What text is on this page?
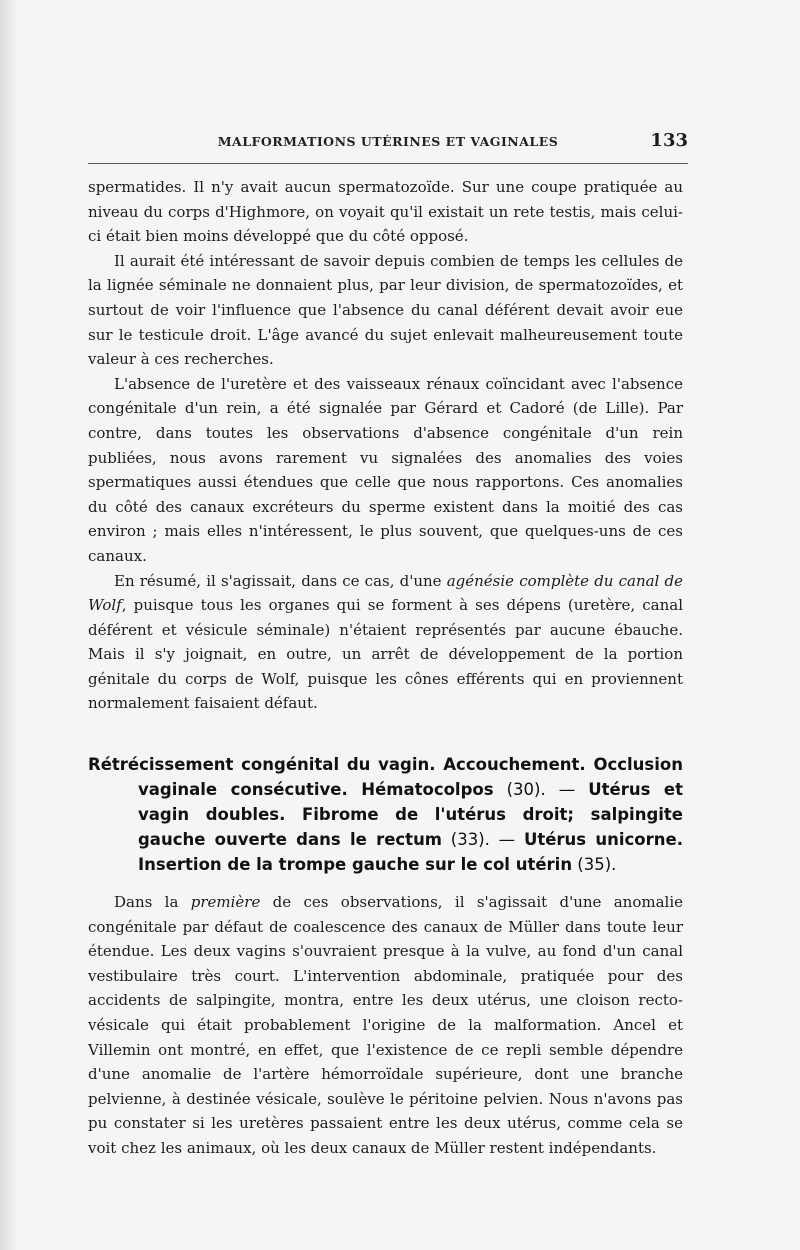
MALFORMATIONS UTÉRINES ET VAGINALES	133

spermatides. Il n'y avait aucun spermatozoïde. Sur une coupe pratiquée au niveau du corps d'Highmore, on voyait qu'il existait un rete testis, mais celui-ci était bien moins développé que du côté opposé.

Il aurait été intéressant de savoir depuis combien de temps les cellules de la lignée séminale ne donnaient plus, par leur division, de spermatozoïdes, et surtout de voir l'influence que l'absence du canal déférent devait avoir eue sur le testicule droit. L'âge avancé du sujet enlevait malheureusement toute valeur à ces recherches.

L'absence de l'uretère et des vaisseaux rénaux coïncidant avec l'absence congénitale d'un rein, a été signalée par Gérard et Cadoré (de Lille). Par contre, dans toutes les observations d'absence congénitale d'un rein publiées, nous avons rarement vu signalées des anomalies des voies spermatiques aussi étendues que celle que nous rapportons. Ces anomalies du côté des canaux excréteurs du sperme existent dans la moitié des cas environ ; mais elles n'intéressent, le plus souvent, que quelques-uns de ces canaux.

En résumé, il s'agissait, dans ce cas, d'une agénésie complète du canal de Wolf, puisque tous les organes qui se forment à ses dépens (uretère, canal déférent et vésicule séminale) n'étaient représentés par aucune ébauche. Mais il s'y joignait, en outre, un arrêt de développement de la portion génitale du corps de Wolf, puisque les cônes efférents qui en proviennent normalement faisaient défaut.

Rétrécissement congénital du vagin. Accouchement. Occlusion vaginale consécutive. Hématocolpos (30). — Utérus et vagin doubles. Fibrome de l'utérus droit; salpingite gauche ouverte dans le rectum (33). — Utérus unicorne. Insertion de la trompe gauche sur le col utérin (35).

Dans la première de ces observations, il s'agissait d'une anomalie congénitale par défaut de coalescence des canaux de Müller dans toute leur étendue. Les deux vagins s'ouvraient presque à la vulve, au fond d'un canal vestibulaire très court. L'intervention abdominale, pratiquée pour des accidents de salpingite, montra, entre les deux utérus, une cloison recto-vésicale qui était probablement l'origine de la malformation. Ancel et Villemin ont montré, en effet, que l'existence de ce repli semble dépendre d'une anomalie de l'artère hémorroïdale supérieure, dont une branche pelvienne, à destinée vésicale, soulève le péritoine pelvien. Nous n'avons pas pu constater si les uretères passaient entre les deux utérus, comme cela se voit chez les animaux, où les deux canaux de Müller restent indépendants.
